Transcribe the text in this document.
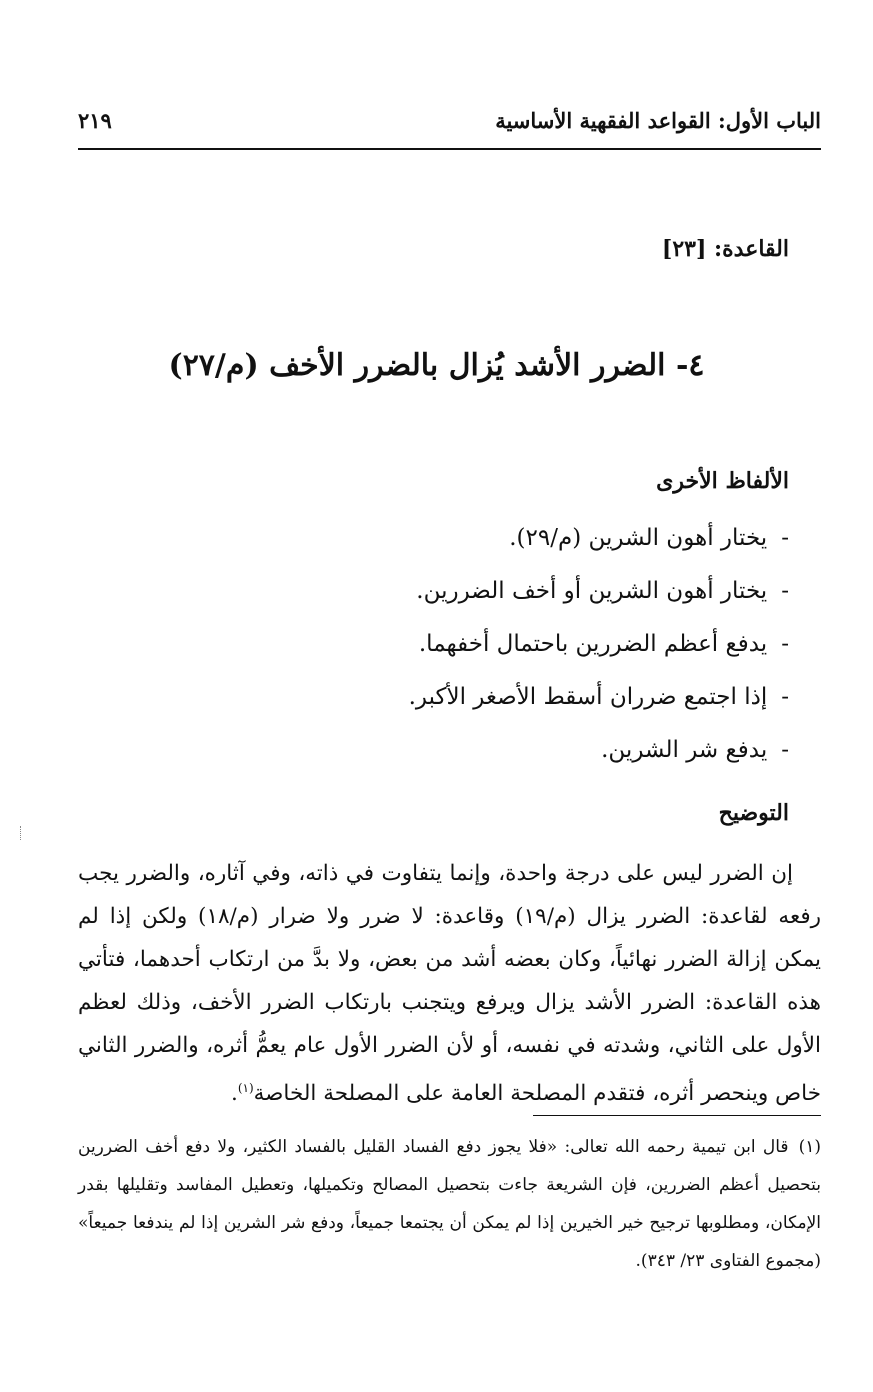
الباب الأول: القواعد الفقهية الأساسية
٢١٩
القاعدة: [٢٣]
٤- الضرر الأشد يُزال بالضرر الأخف (م/٢٧)
الألفاظ الأخرى
-يختار أهون الشرين (م/٢٩).
-يختار أهون الشرين أو أخف الضررين.
-يدفع أعظم الضررين باحتمال أخفهما.
-إذا اجتمع ضرران أسقط الأصغر الأكبر.
-يدفع شر الشرين.
التوضيح

إن الضرر ليس على درجة واحدة، وإنما يتفاوت في ذاته، وفي آثاره، والضرر يجب رفعه لقاعدة: الضرر يزال (م/١٩) وقاعدة: لا ضرر ولا ضرار (م/١٨) ولكن إذا لم يمكن إزالة الضرر نهائياً، وكان بعضه أشد من بعض، ولا بدَّ من ارتكاب أحدهما، فتأتي هذه القاعدة: الضرر الأشد يزال ويرفع ويتجنب بارتكاب الضرر الأخف، وذلك لعظم الأول على الثاني، وشدته في نفسه، أو لأن الضرر الأول عام يعمُّ أثره، والضرر الثاني خاص وينحصر أثره، فتقدم المصلحة العامة على المصلحة الخاصة$^{(١)}$.

(١)قال ابن تيمية رحمه الله تعالى: «فلا يجوز دفع الفساد القليل بالفساد الكثير، ولا دفع أخف الضررين بتحصيل أعظم الضررين، فإن الشريعة جاءت بتحصيل المصالح وتكميلها، وتعطيل المفاسد وتقليلها بقدر الإمكان، ومطلوبها ترجيح خير الخيرين إذا لم يمكن أن يجتمعا جميعاً، ودفع شر الشرين إذا لم يندفعا جميعاً» (مجموع الفتاوى ٢٣/ ٣٤٣).
